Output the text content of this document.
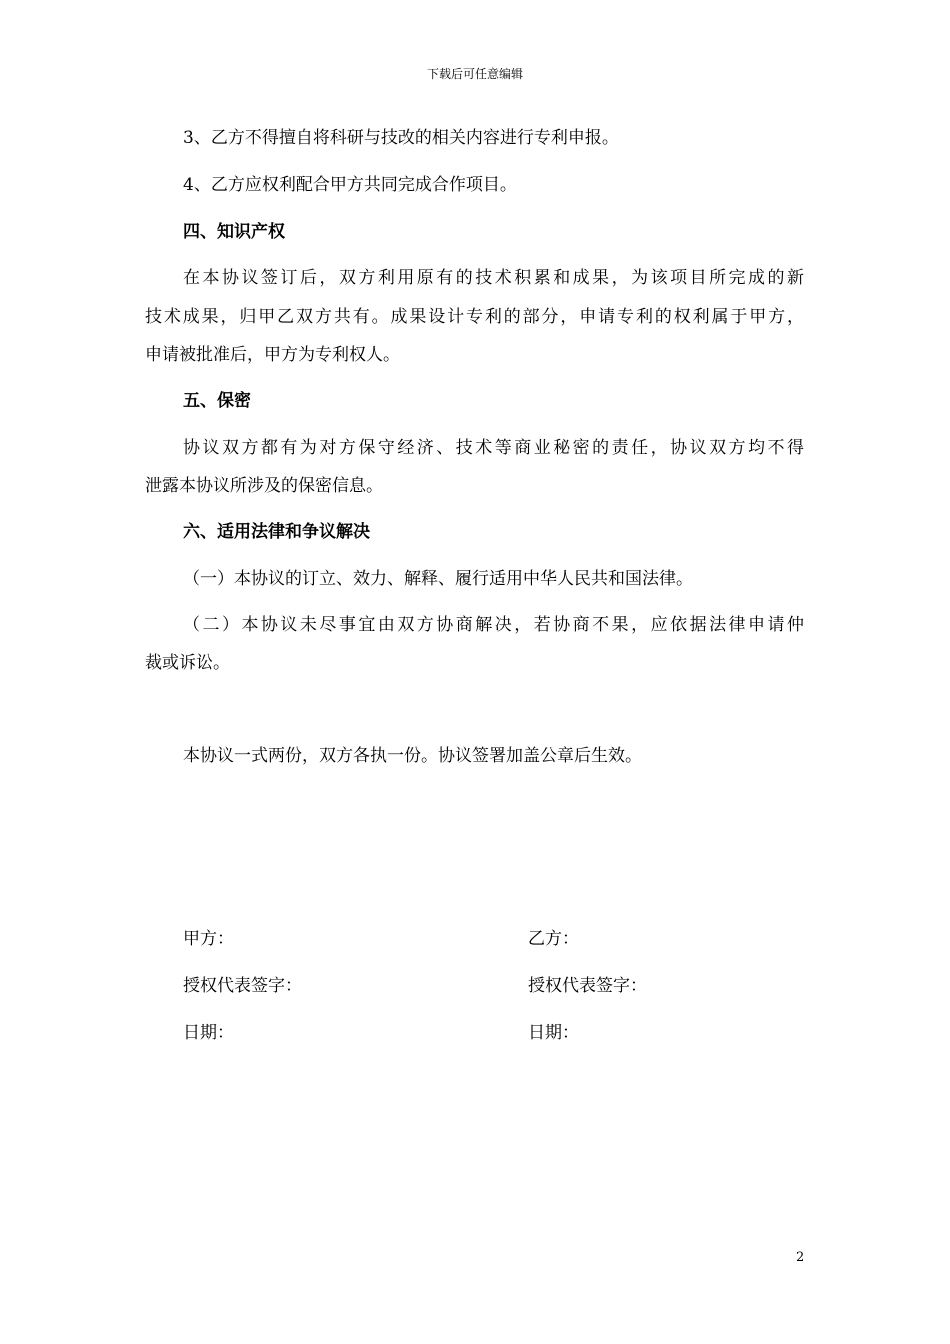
下载后可任意编辑
3、乙方不得擅自将科研与技改的相关内容进行专利申报。
4、乙方应权利配合甲方共同完成合作项目。
四、知识产权
在本协议签订后，双方利用原有的技术积累和成果，为该项目所完成的新
技术成果，归甲乙双方共有。成果设计专利的部分，申请专利的权利属于甲方，
申请被批准后，甲方为专利权人。
五、保密
协议双方都有为对方保守经济、技术等商业秘密的责任，协议双方均不得
泄露本协议所涉及的保密信息。
六、适用法律和争议解决
（一）本协议的订立、效力、解释、履行适用中华人民共和国法律。
（二）本协议未尽事宜由双方协商解决，若协商不果，应依据法律申请仲
裁或诉讼。
本协议一式两份，双方各执一份。协议签署加盖公章后生效。
甲方：
授权代表签字：
日期：
乙方：
授权代表签字：
日期：
2
